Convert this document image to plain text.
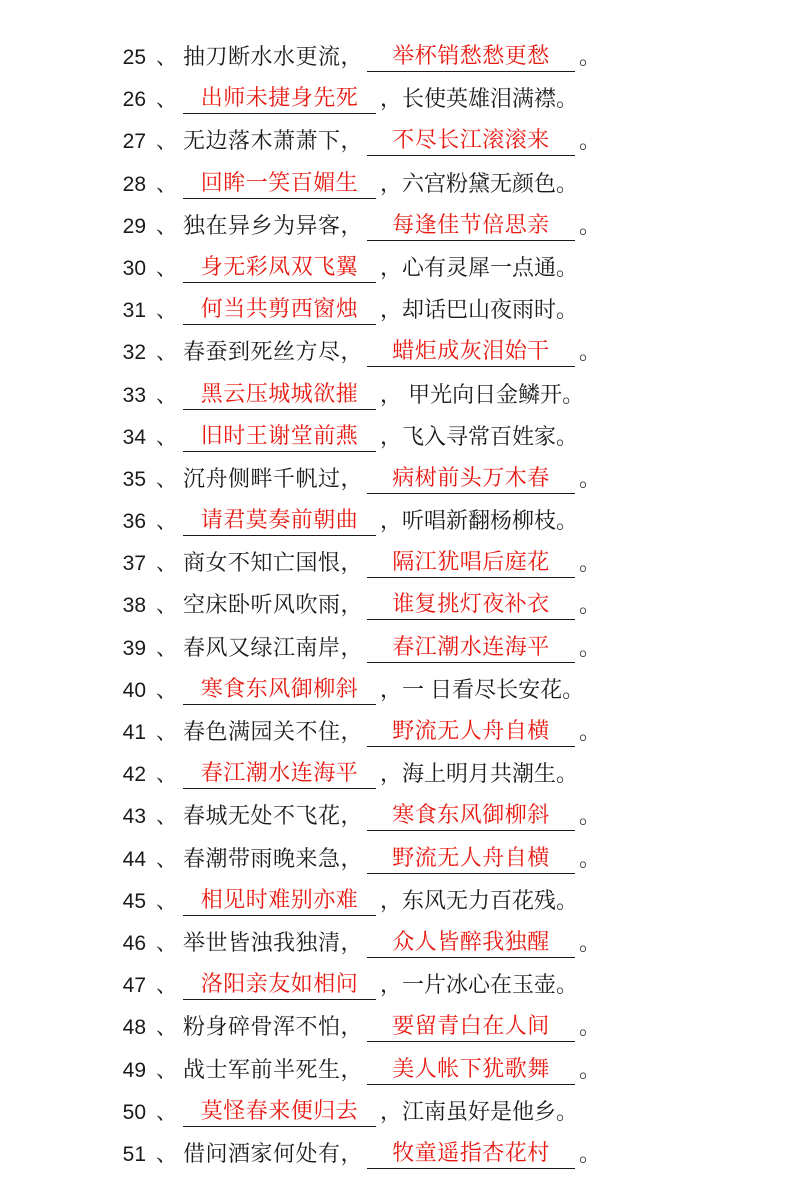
25 、 抽刀断水水更流，	举杯销愁愁更愁	。
26 、	出师未捷身先死 ，长使英雄泪满襟。
27 、 无边落木萧萧下，	不尽长江滚滚来	。
28 、	回眸一笑百媚生 ，六宫粉黛无颜色。
29 、 独在异乡为异客，	每逢佳节倍思亲	。
30 、	身无彩凤双飞翼 ，心有灵犀一点通。
31 、	何当共剪西窗烛 ，却话巴山夜雨时。
32 、 春蚕到死丝方尽，	蜡炬成灰泪始干	。
33 、	黑云压城城欲摧 ， 甲光向日金鳞开。
34 、	旧时王谢堂前燕 ，飞入寻常百姓家。
35 、 沉舟侧畔千帆过，	病树前头万木春	。
36 、	请君莫奏前朝曲 ，听唱新翻杨柳枝。
37 、 商女不知亡国恨，	隔江犹唱后庭花	。
38 、 空床卧听风吹雨，	谁复挑灯夜补衣	。
39 、 春风又绿江南岸，	春江潮水连海平	。
40 、	寒食东风御柳斜 ，一 日看尽长安花。
41 、 春色满园关不住，	野流无人舟自横	。
42 、	春江潮水连海平 ，海上明月共潮生。
43 、 春城无处不飞花，	寒食东风御柳斜	。
44 、 春潮带雨晚来急，	野流无人舟自横	。
45 、	相见时难别亦难 ，东风无力百花残。
46 、 举世皆浊我独清，	众人皆醉我独醒	。
47 、	洛阳亲友如相问 ，一片冰心在玉壶。
48 、 粉身碎骨浑不怕，	要留青白在人间	。
49 、 战士军前半死生，	美人帐下犹歌舞	。
50 、	莫怪春来便归去 ，江南虽好是他乡。
51 、 借问酒家何处有，	牧童遥指杏花村	。
